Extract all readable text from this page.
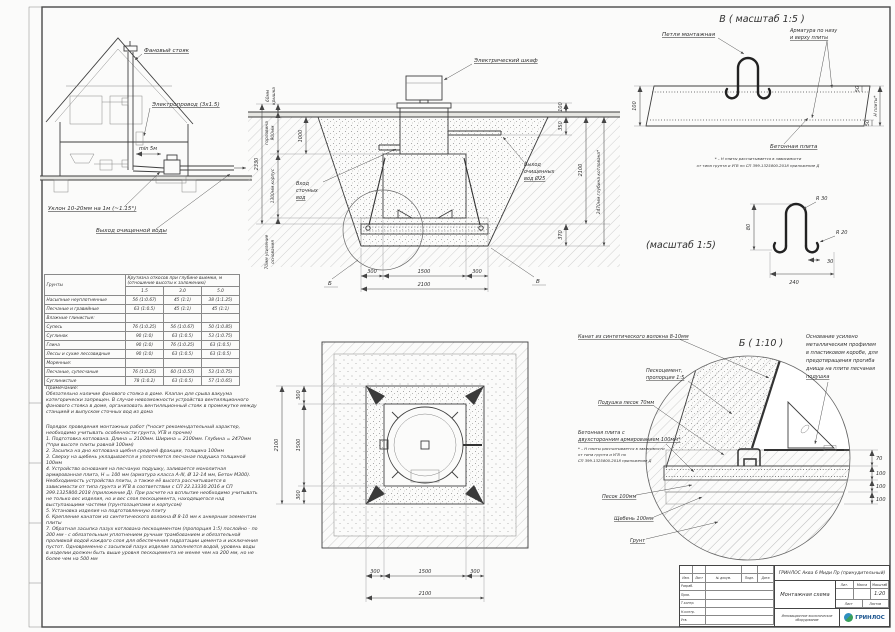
min 5м
Фановый стояк
Электропровод (3х1.5)
Уклон 10-20мм на 1м (~1.15°)
Выход очищенной воды
60мм крышка
горловина 900мм
1300мм корпус
70мм усиление основания
2330
1000
100
350
370
2100	2470мм глубина котлована*
300	1500	300
2100
Электрический шкаф
Вход
сточных
вод
Выход
очищенных
вод Ø25
Б	В
300
1500
300
2100
300	1500	300
2100
В ( масштаб 1:5 )
Петля монтажная
Арматура по низу
и верху плиты
Бетонная плита
100
50
50
Н плиты*
* – Н плиты рассчитывается в зависимости
от типа грунта и УГВ по СП 399.1325800.2018 приложение Д
(масштаб 1:5)
80
240
30
R 30
R 20
Б ( 1:10 )
70
100
100
100
Канат из синтетического волокна 8-10мм
Пескоцемент,
пропорция 1:5
Подушка песок 70мм
Бетонная плита с
двухсторонним армированием 100мм*
* – Н плиты рассчитывается в зависимости
от типа грунта и УГВ по
СП 399.1325800.2018 приложение Д
Песок 100мм
Щебень 100мм
Грунт
Основание усилено
металлическим профилем
в пластиковом коробе, для
предотвращения прогиба
днища на плите песчаная
подушка
Грунты	Крутизна откосов при глубине выемки, м (отношение высоты к заложению)		
	1.5	3.0	5.0
Насыпные неуплотненные	56 (1:0.67)	45 (1:1)	38 (1:1.25)
Песчаные и гравийные	63 (1:0.5)	45 (1:1)	45 (1:1)
Влажные глинистые:			
Супесь	76 (1:0.25)	56 (1:0.67)	50 (1:0.85)
Суглинок	90 (1:0)	63 (1:0.5)	53 (1:0.75)
Глина	90 (1:0)	76 (1:0.25)	63 (1:0.5)
Лессы и сухие лессовидные	90 (1:0)	63 (1:0.5)	63 (1:0.5)
Моренные:			
Песчаные, супесчаные	76 (1:0.25)	60 (1:0.57)	53 (1:0.75)
Суглинистые	78 (1:0.2)	63 (1:0.5)	57 (1:0.65)
Примечание:
Обязательно наличие фанового стояка в доме. Клапан для срыва вакуума категорически запрещен. В случае невозможности устройства вентиляционного фанового стояка в доме, организовать вентиляционный стояк в промежутке между станцией и выпуском сточных вод из дома
Порядок проведения монтажных работ (*носит рекомендательный характер, необходимо учитывать особенности грунта, УГВ и прочее)
1. Подготовка котлована. Длина = 2100мм. Ширина = 2100мм. Глубина = 2470мм (*при высоте плиты равной 100мм)
2. Засыпка на дно котлована щебня средней фракции, толщина 100мм
3. Сверху на щебень укладывается и уплотняется песчаная подушка толщиной 100мм
4. Устройство основания на песчаную подушку, заливается монолитная армированная плита, Н = 100 мм (арматура класса A-III, Ø 12-14 мм, Бетон М300). Необходимость устройства плиты, а также её высота рассчитывается в зависимости от типа грунта и УГВ в соответствии с СП 22.13330.2016 и СП 399.1325800.2018 (приложение Д). При расчете на всплытие необходимо учитывать не только вес изделия, но и вес слоя пескоцемента, находящегося над выступающими частями (грунтозацепами и корпусом)
5. Установка изделия на подготовленную плиту
6. Крепление канатом из синтетического волокна Ø 8-10 мм к анкерным элементам плиты
7. Обратная засыпка пазух котлована пескоцементом (пропорция 1:5) послойно - по 300 мм - с обязательным уплотнением ручным трамбованием и обязательной проливкой водой каждого слоя для обеспечения гидратации цемента и исключения пустот. Одновременно с засыпкой пазух изделие заполняется водой, уровень воды в изделии должен быть выше уровня пескоцемента не менее чем на 200 мм, но не более чем на 500 мм
Изм.	Лист	№ докум.	Подп.	Дата
Разраб.
Пров.
Т.контр.
Н.контр.
Утв.
ГРИНЛОС Аква 6 Миди Пр (принудительный)
Монтажная схема
Лит.	Масса	Масштаб
1:20
Лист	Листов
Инновационное экологическое оборудование	ГРИНЛОС
